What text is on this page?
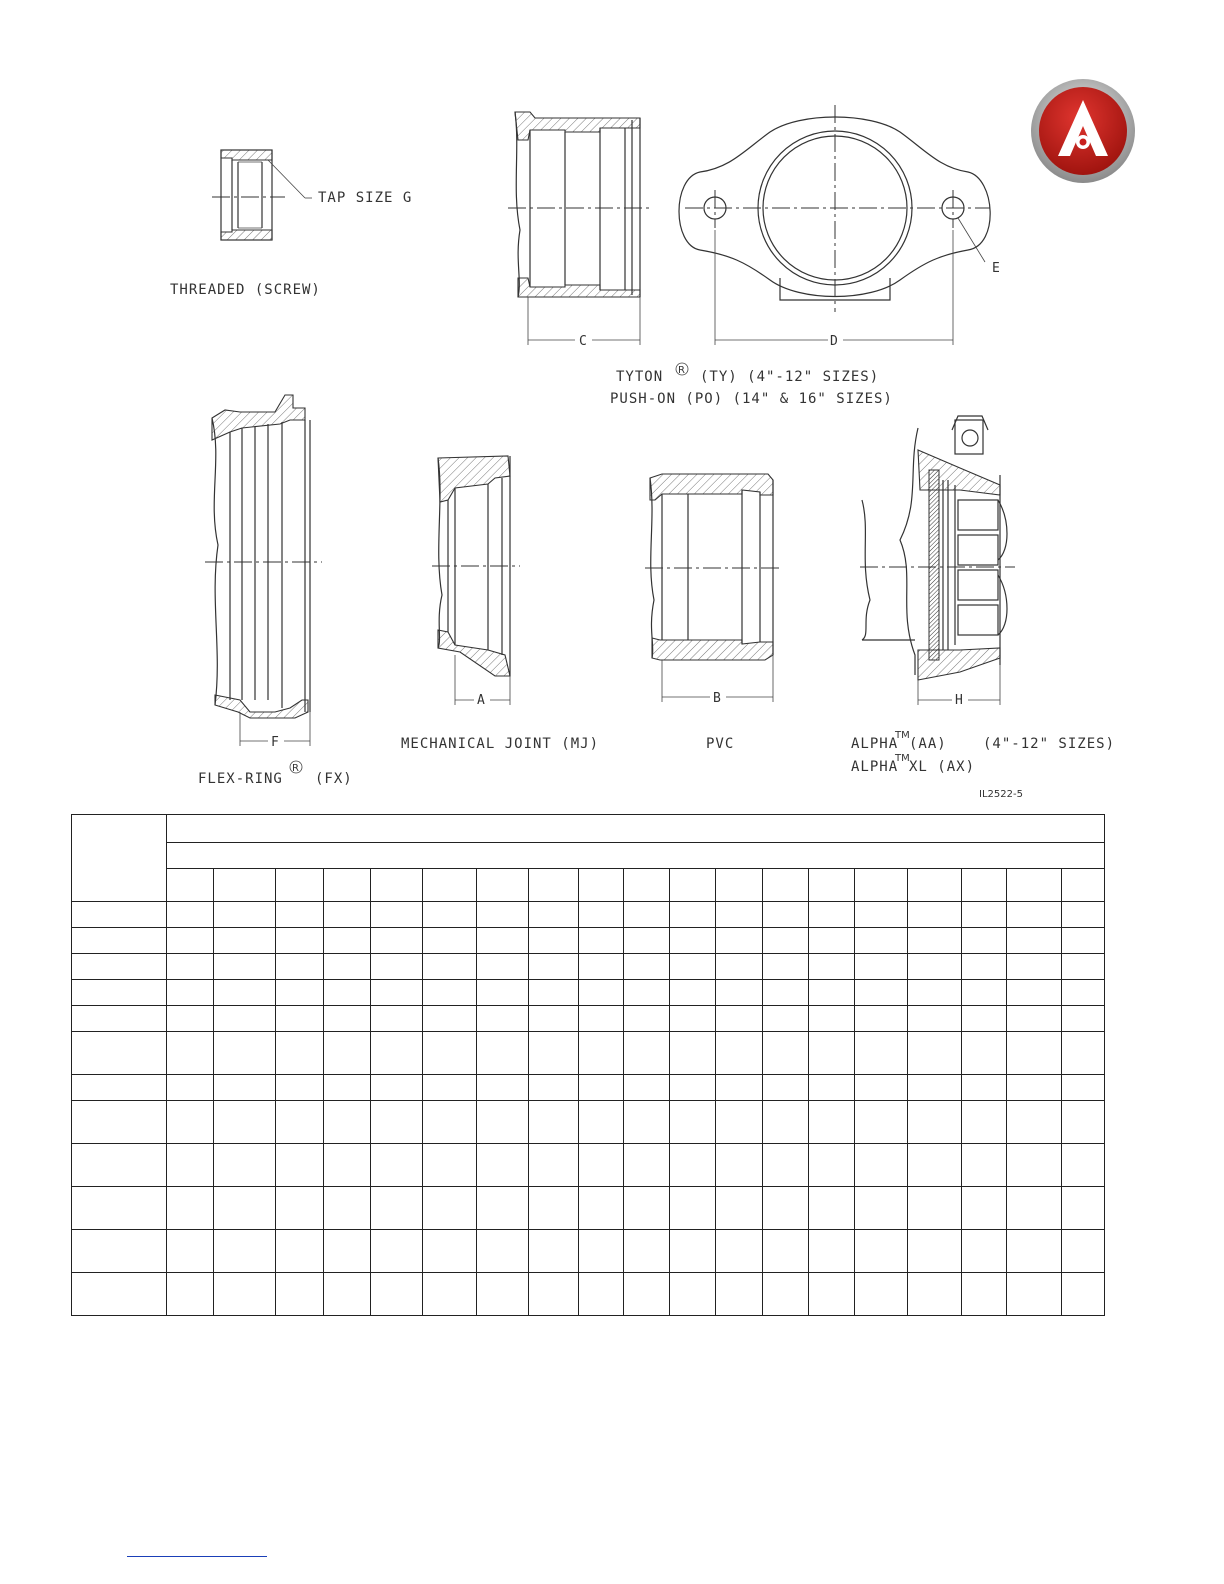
TAP SIZE G
THREADED (SCREW)
C	D
E
TYTON R (TY) (4"-12" SIZES)
PUSH-ON (PO) (14" & 16" SIZES)
F
FLEX-RING
R
(FX)
A
MECHANICAL JOINT (MJ)
B
PVC
H
ALPHA
TM
(AA)	(4"-12" SIZES)
ALPHA
TM
XL (AX)
IL2522-5
